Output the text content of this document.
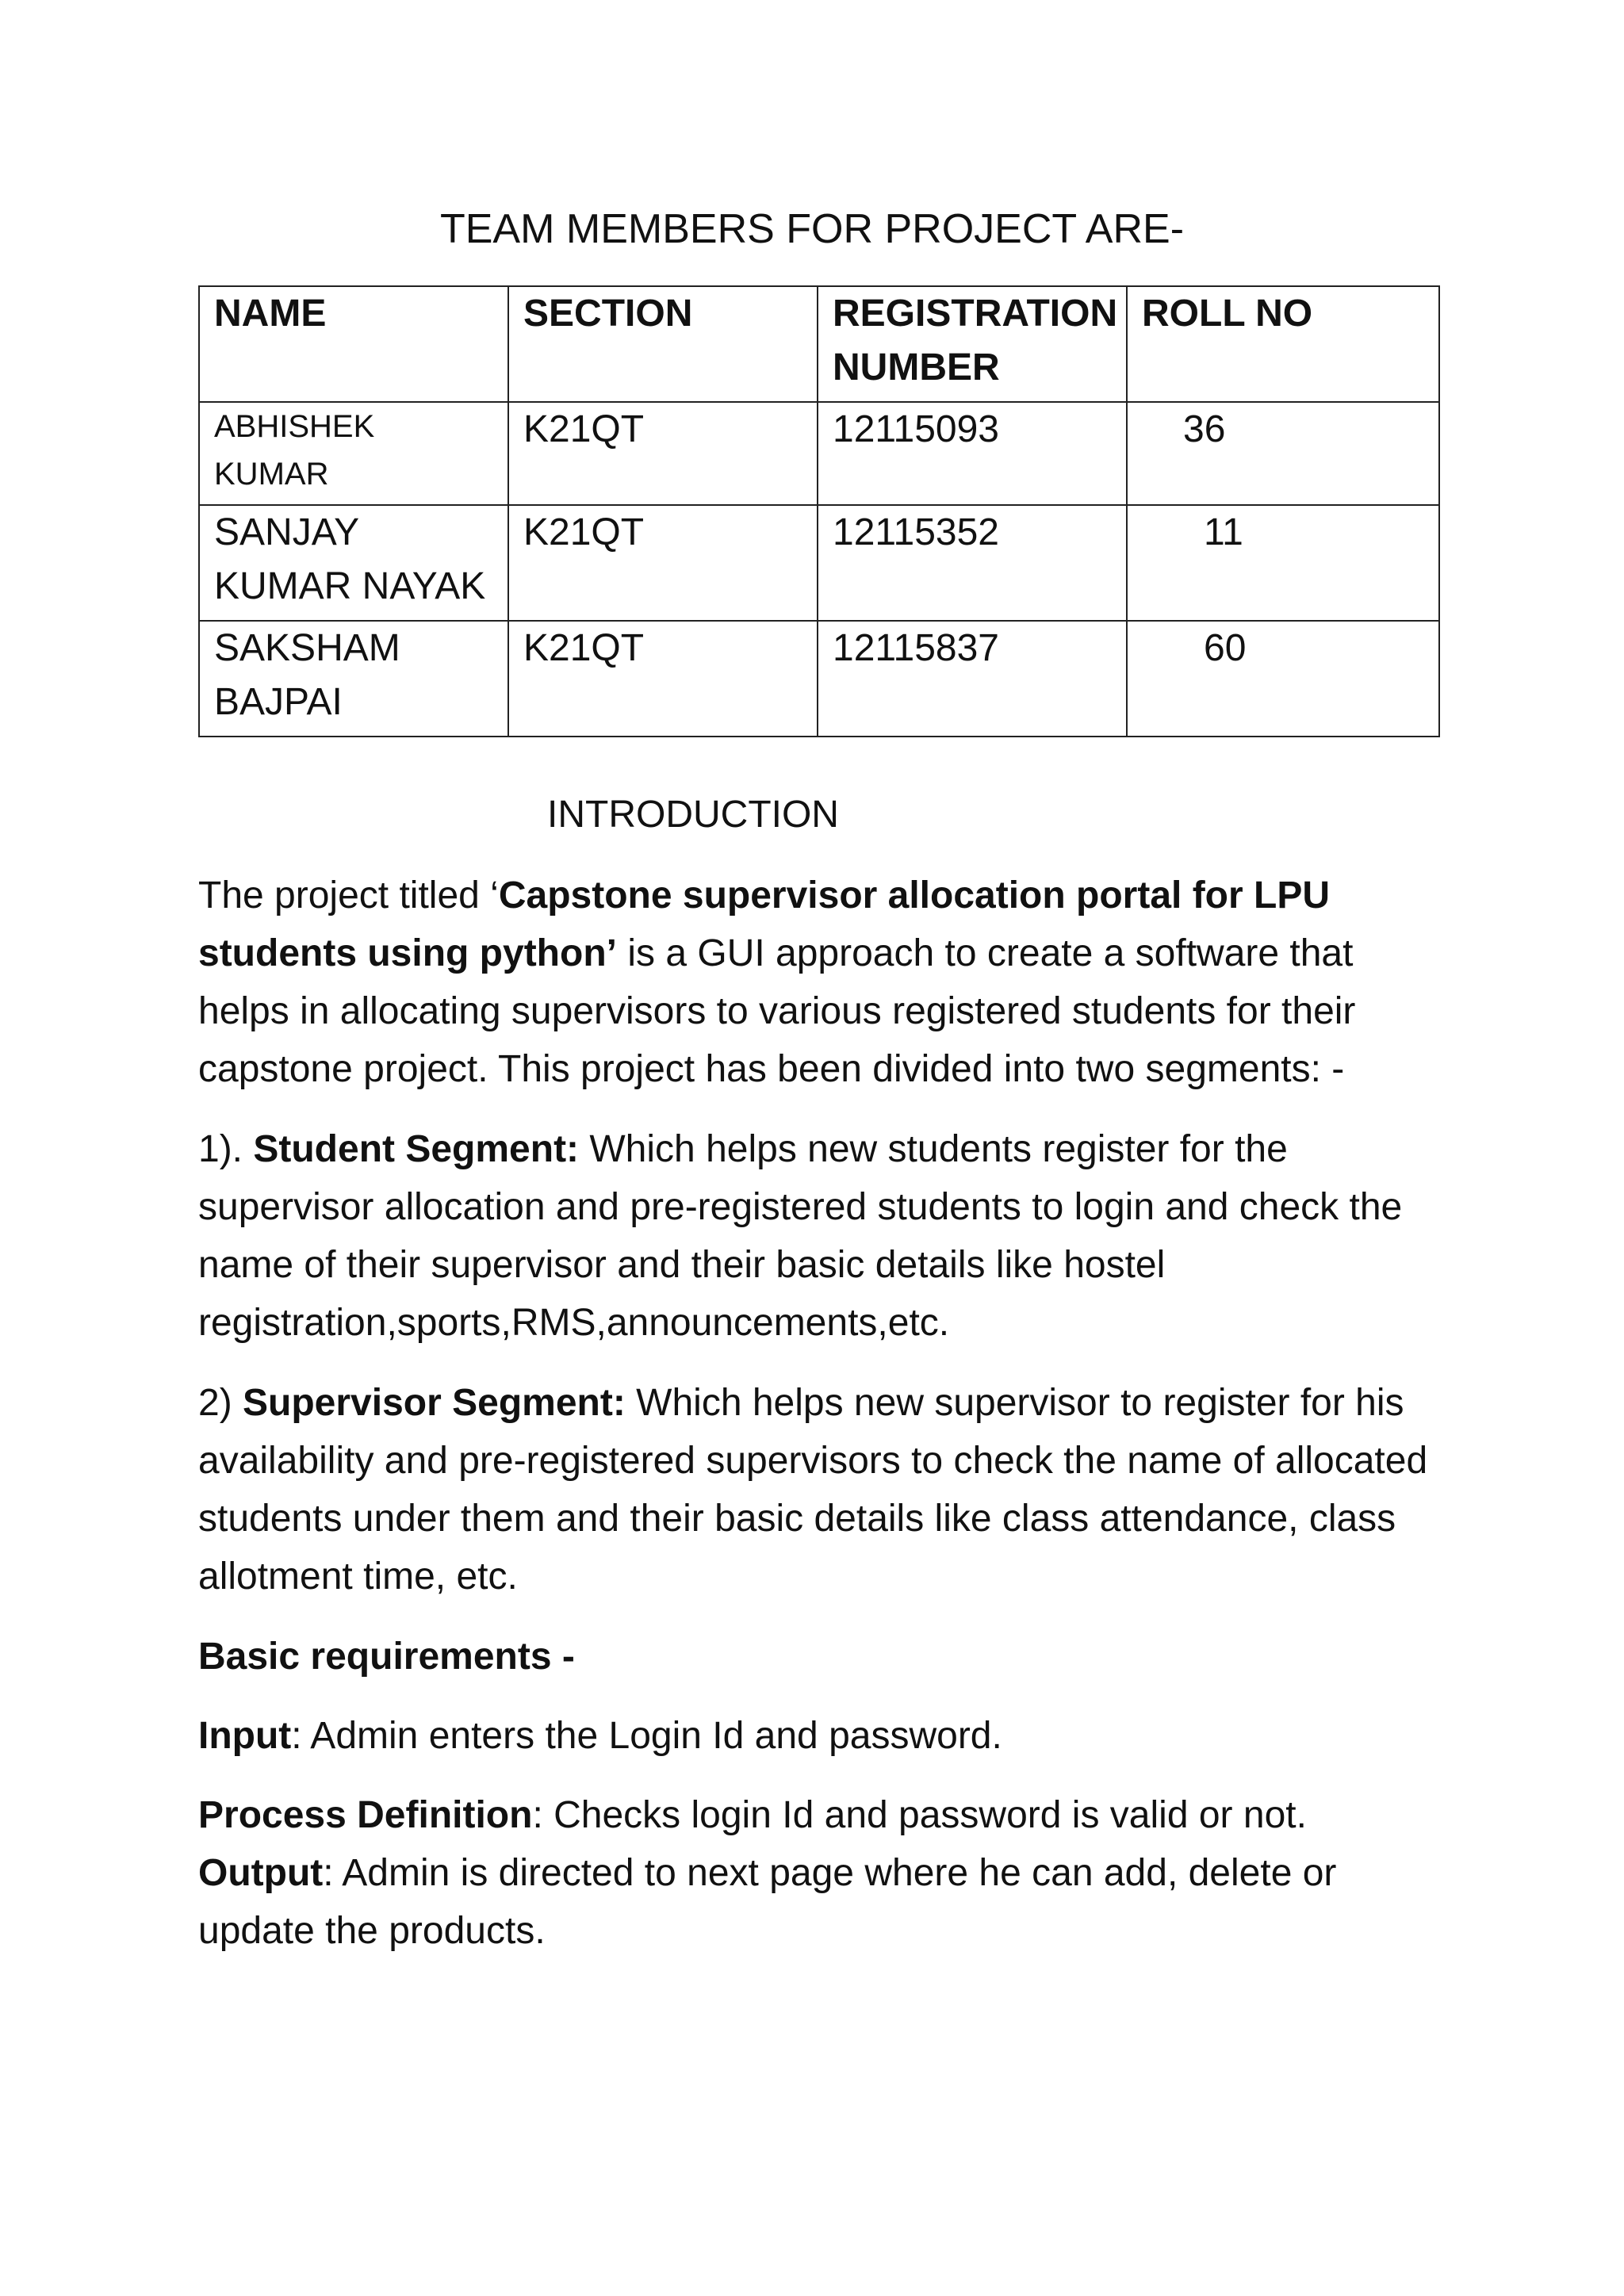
TEAM MEMBERS FOR PROJECT ARE-
NAME	SECTION	REGISTRATION NUMBER	ROLL NO
ABHISHEK KUMAR	K21QT	12115093	36
SANJAY KUMAR NAYAK	K21QT	12115352	11
SAKSHAM BAJPAI	K21QT	12115837	60
INTRODUCTION
The project titled ‘Capstone supervisor allocation portal for LPU students using python’ is a GUI approach to create a software that helps in allocating supervisors to various registered students for their capstone project. This project has been divided into two segments: -
1). Student Segment: Which helps new students register for the supervisor allocation and pre-registered students to login and check the name of their supervisor and their basic details like hostel registration,sports,RMS,announcements,etc.
2) Supervisor Segment: Which helps new supervisor to register for his availability and pre-registered supervisors to check the name of allocated students under them and their basic details like class attendance, class allotment time, etc.
Basic requirements -
Input: Admin enters the Login Id and password.
Process Definition: Checks login Id and password is valid or not.
Output: Admin is directed to next page where he can add, delete or update the products.
